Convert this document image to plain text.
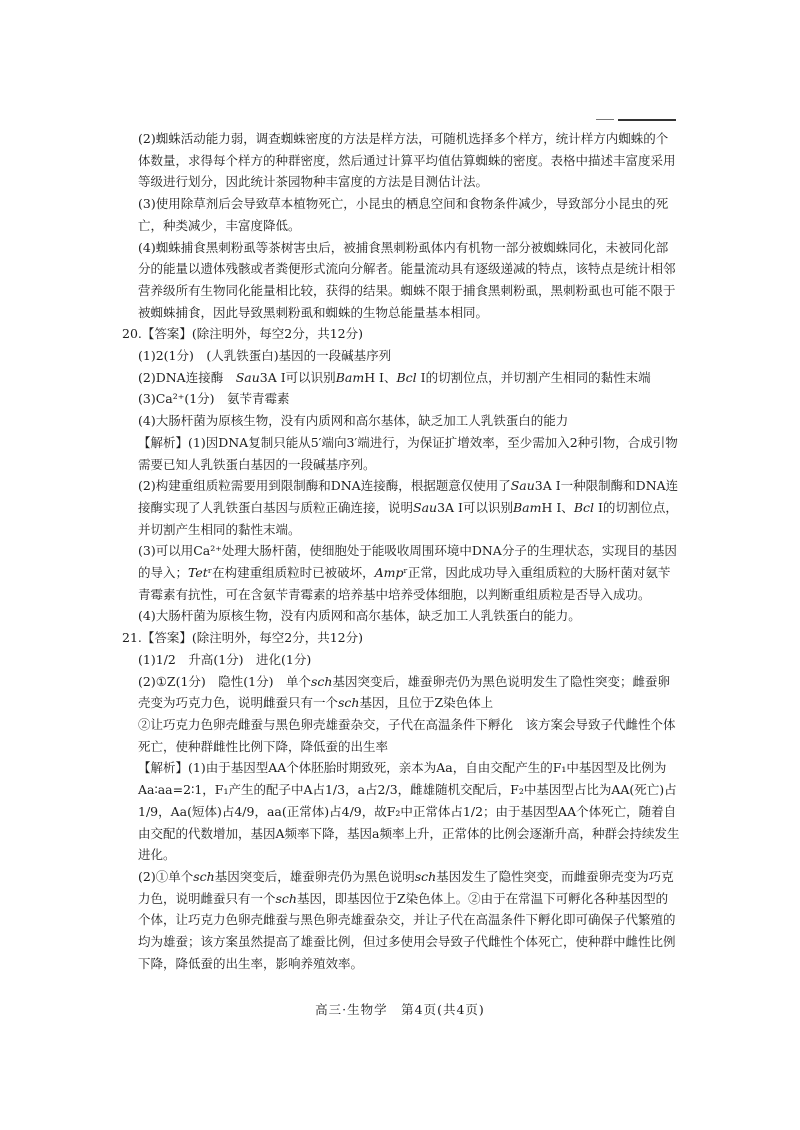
(2)蜘蛛活动能力弱，调查蜘蛛密度的方法是样方法，可随机选择多个样方，统计样方内蜘蛛的个体数量，求得每个样方的种群密度，然后通过计算平均值估算蜘蛛的密度。表格中描述丰富度采用等级进行划分，因此统计茶园物种丰富度的方法是目测估计法。

(3)使用除草剂后会导致草本植物死亡，小昆虫的栖息空间和食物条件减少，导致部分小昆虫的死亡，种类减少，丰富度降低。

(4)蜘蛛捕食黑刺粉虱等茶树害虫后，被捕食黑刺粉虱体内有机物一部分被蜘蛛同化，未被同化部分的能量以遗体残骸或者粪便形式流向分解者。能量流动具有逐级递减的特点，该特点是统计相邻营养级所有生物同化能量相比较，获得的结果。蜘蛛不限于捕食黑刺粉虱，黑刺粉虱也可能不限于被蜘蛛捕食，因此导致黑刺粉虱和蜘蛛的生物总能量基本相同。

20.【答案】(除注明外，每空2分，共12分)

(1)2(1分)　(人乳铁蛋白)基因的一段碱基序列

(2)DNA连接酶　Sau3A Ⅰ可以识别BamH Ⅰ、Bcl Ⅰ的切割位点，并切割产生相同的黏性末端

(3)Ca²⁺(1分)　氨苄青霉素

(4)大肠杆菌为原核生物，没有内质网和高尔基体，缺乏加工人乳铁蛋白的能力

【解析】(1)因DNA复制只能从5′端向3′端进行，为保证扩增效率，至少需加入2种引物，合成引物需要已知人乳铁蛋白基因的一段碱基序列。

(2)构建重组质粒需要用到限制酶和DNA连接酶，根据题意仅使用了Sau3A Ⅰ一种限制酶和DNA连接酶实现了人乳铁蛋白基因与质粒正确连接，说明Sau3A Ⅰ可以识别BamH Ⅰ、Bcl Ⅰ的切割位点，并切割产生相同的黏性末端。

(3)可以用Ca²⁺处理大肠杆菌，使细胞处于能吸收周围环境中DNA分子的生理状态，实现目的基因的导入；Tetʳ在构建重组质粒时已被破坏，Ampʳ正常，因此成功导入重组质粒的大肠杆菌对氨苄青霉素有抗性，可在含氨苄青霉素的培养基中培养受体细胞，以判断重组质粒是否导入成功。

(4)大肠杆菌为原核生物，没有内质网和高尔基体，缺乏加工人乳铁蛋白的能力。

21.【答案】(除注明外，每空2分，共12分)

(1)1/2　升高(1分)　进化(1分)

(2)①Z(1分)　隐性(1分)　单个sch基因突变后，雄蚕卵壳仍为黑色说明发生了隐性突变；雌蚕卵壳变为巧克力色，说明雌蚕只有一个sch基因，且位于Z染色体上

②让巧克力色卵壳雌蚕与黑色卵壳雄蚕杂交，子代在高温条件下孵化　该方案会导致子代雌性个体死亡，使种群雌性比例下降，降低蚕的出生率

【解析】(1)由于基因型AA个体胚胎时期致死，亲本为Aa，自由交配产生的F₁中基因型及比例为Aa∶aa=2∶1，F₁产生的配子中A占1/3，a占2/3，雌雄随机交配后，F₂中基因型占比为AA(死亡)占1/9，Aa(短体)占4/9，aa(正常体)占4/9，故F₂中正常体占1/2；由于基因型AA个体死亡，随着自由交配的代数增加，基因A频率下降，基因a频率上升，正常体的比例会逐渐升高，种群会持续发生进化。

(2)①单个sch基因突变后，雄蚕卵壳仍为黑色说明sch基因发生了隐性突变，而雌蚕卵壳变为巧克力色，说明雌蚕只有一个sch基因，即基因位于Z染色体上。②由于在常温下可孵化各种基因型的个体，让巧克力色卵壳雌蚕与黑色卵壳雄蚕杂交，并让子代在高温条件下孵化即可确保子代繁殖的均为雄蚕；该方案虽然提高了雄蚕比例，但过多使用会导致子代雌性个体死亡，使种群中雌性比例下降，降低蚕的出生率，影响养殖效率。

高三·生物学　第4页(共4页)
